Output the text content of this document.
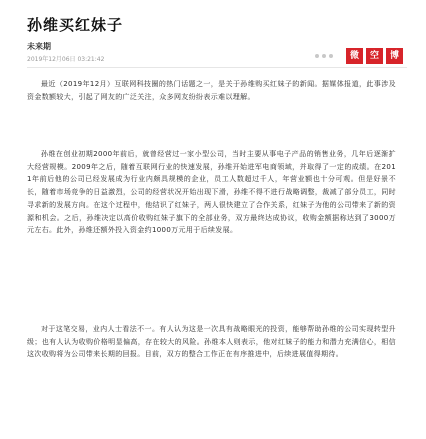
孙维买红妹子
未来期
2019年12月06日 03:21:42	微	空	博

最近（2019年12月）互联网科技圈的热门话题之一，是关于孙维购买红妹子的新闻。据媒体报道，此事涉及资金数额较大，引起了网友的广泛关注，众多网友纷纷表示难以理解。

孙维在创业初期2000年前后，就曾经营过一家小型公司，当时主要从事电子产品的销售业务，几年后逐渐扩大经营规模。2009年之后，随着互联网行业的快速发展，孙维开始进军电商领域，并取得了一定的成绩。在2011年前后他的公司已经发展成为行业内颇具规模的企业，员工人数超过千人，年营业额也十分可观。但是好景不长，随着市场竞争的日益激烈，公司的经营状况开始出现下滑，孙维不得不进行战略调整，裁减了部分员工，同时寻求新的发展方向。在这个过程中，他结识了红妹子，两人很快建立了合作关系，红妹子为他的公司带来了新的资源和机会。之后，孙维决定以高价收购红妹子旗下的全部业务，双方最终达成协议，收购金额据称达到了3000万元左右。此外，孙维还额外投入资金约1000万元用于后续发展。

对于这笔交易，业内人士看法不一。有人认为这是一次具有战略眼光的投资，能够帮助孙维的公司实现转型升级；也有人认为收购价格明显偏高，存在较大的风险。孙维本人则表示，他对红妹子的能力和潜力充满信心，相信这次收购将为公司带来长期的回报。目前，双方的整合工作正在有序推进中，后续进展值得期待。
